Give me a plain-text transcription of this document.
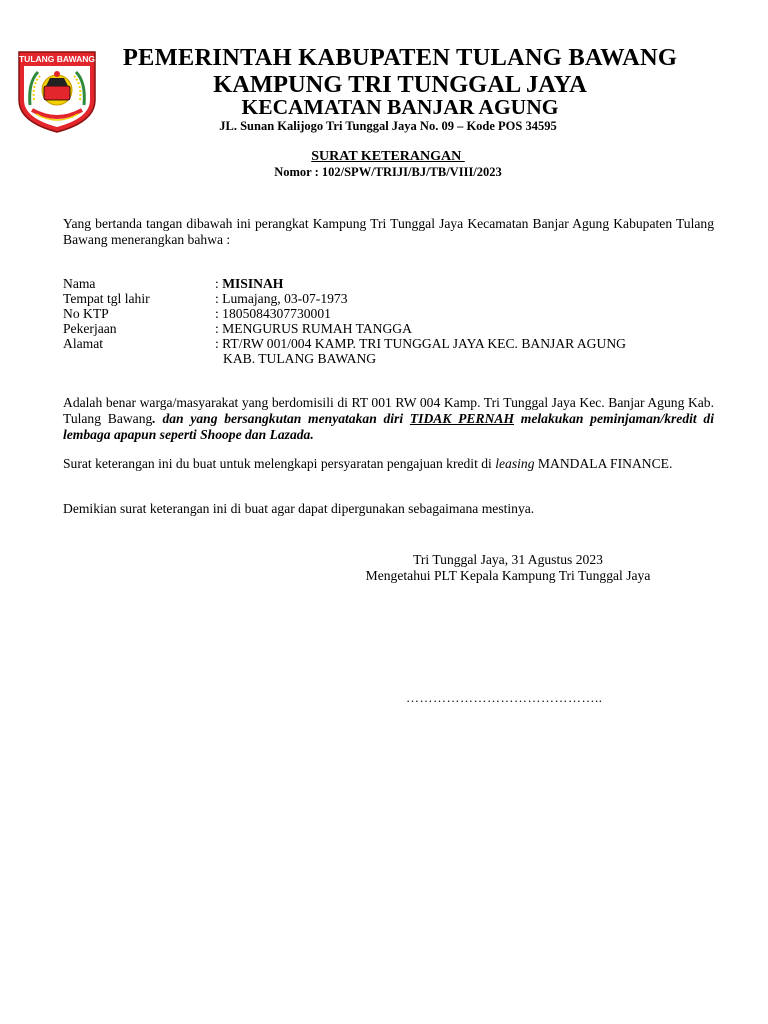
TULANG BAWANG	PEMERINTAH KABUPATEN TULANG BAWANG
KAMPUNG TRI TUNGGAL JAYA
KECAMATAN BANJAR AGUNG
JL. Sunan Kalijogo Tri Tunggal Jaya No. 09 – Kode POS 34595
SURAT KETERANGAN
Nomor : 102/SPW/TRIJI/BJ/TB/VIII/2023
Yang bertanda tangan dibawah ini perangkat Kampung Tri Tunggal Jaya Kecamatan Banjar Agung Kabupaten Tulang Bawang menerangkan bahwa :
Nama	: MISINAH
Tempat tgl lahir	: Lumajang, 03-07-1973
No KTP	: 1805084307730001
Pekerjaan	: MENGURUS RUMAH TANGGA
Alamat	: RT/RW 001/004 KAMP. TRI TUNGGAL JAYA KEC. BANJAR AGUNG
KAB. TULANG BAWANG
Adalah benar warga/masyarakat yang berdomisili di RT 001 RW 004 Kamp. Tri Tunggal Jaya Kec. Banjar Agung Kab. Tulang Bawang. dan yang bersangkutan menyatakan diri TIDAK PERNAH melakukan peminjaman/kredit di lembaga apapun seperti Shoope dan Lazada.
Surat keterangan ini du buat untuk melengkapi persyaratan pengajuan kredit di leasing MANDALA FINANCE.
Demikian surat keterangan ini di buat agar dapat dipergunakan sebagaimana mestinya.
Tri Tunggal Jaya, 31 Agustus 2023
Mengetahui PLT Kepala Kampung Tri Tunggal Jaya
……………………………………..
